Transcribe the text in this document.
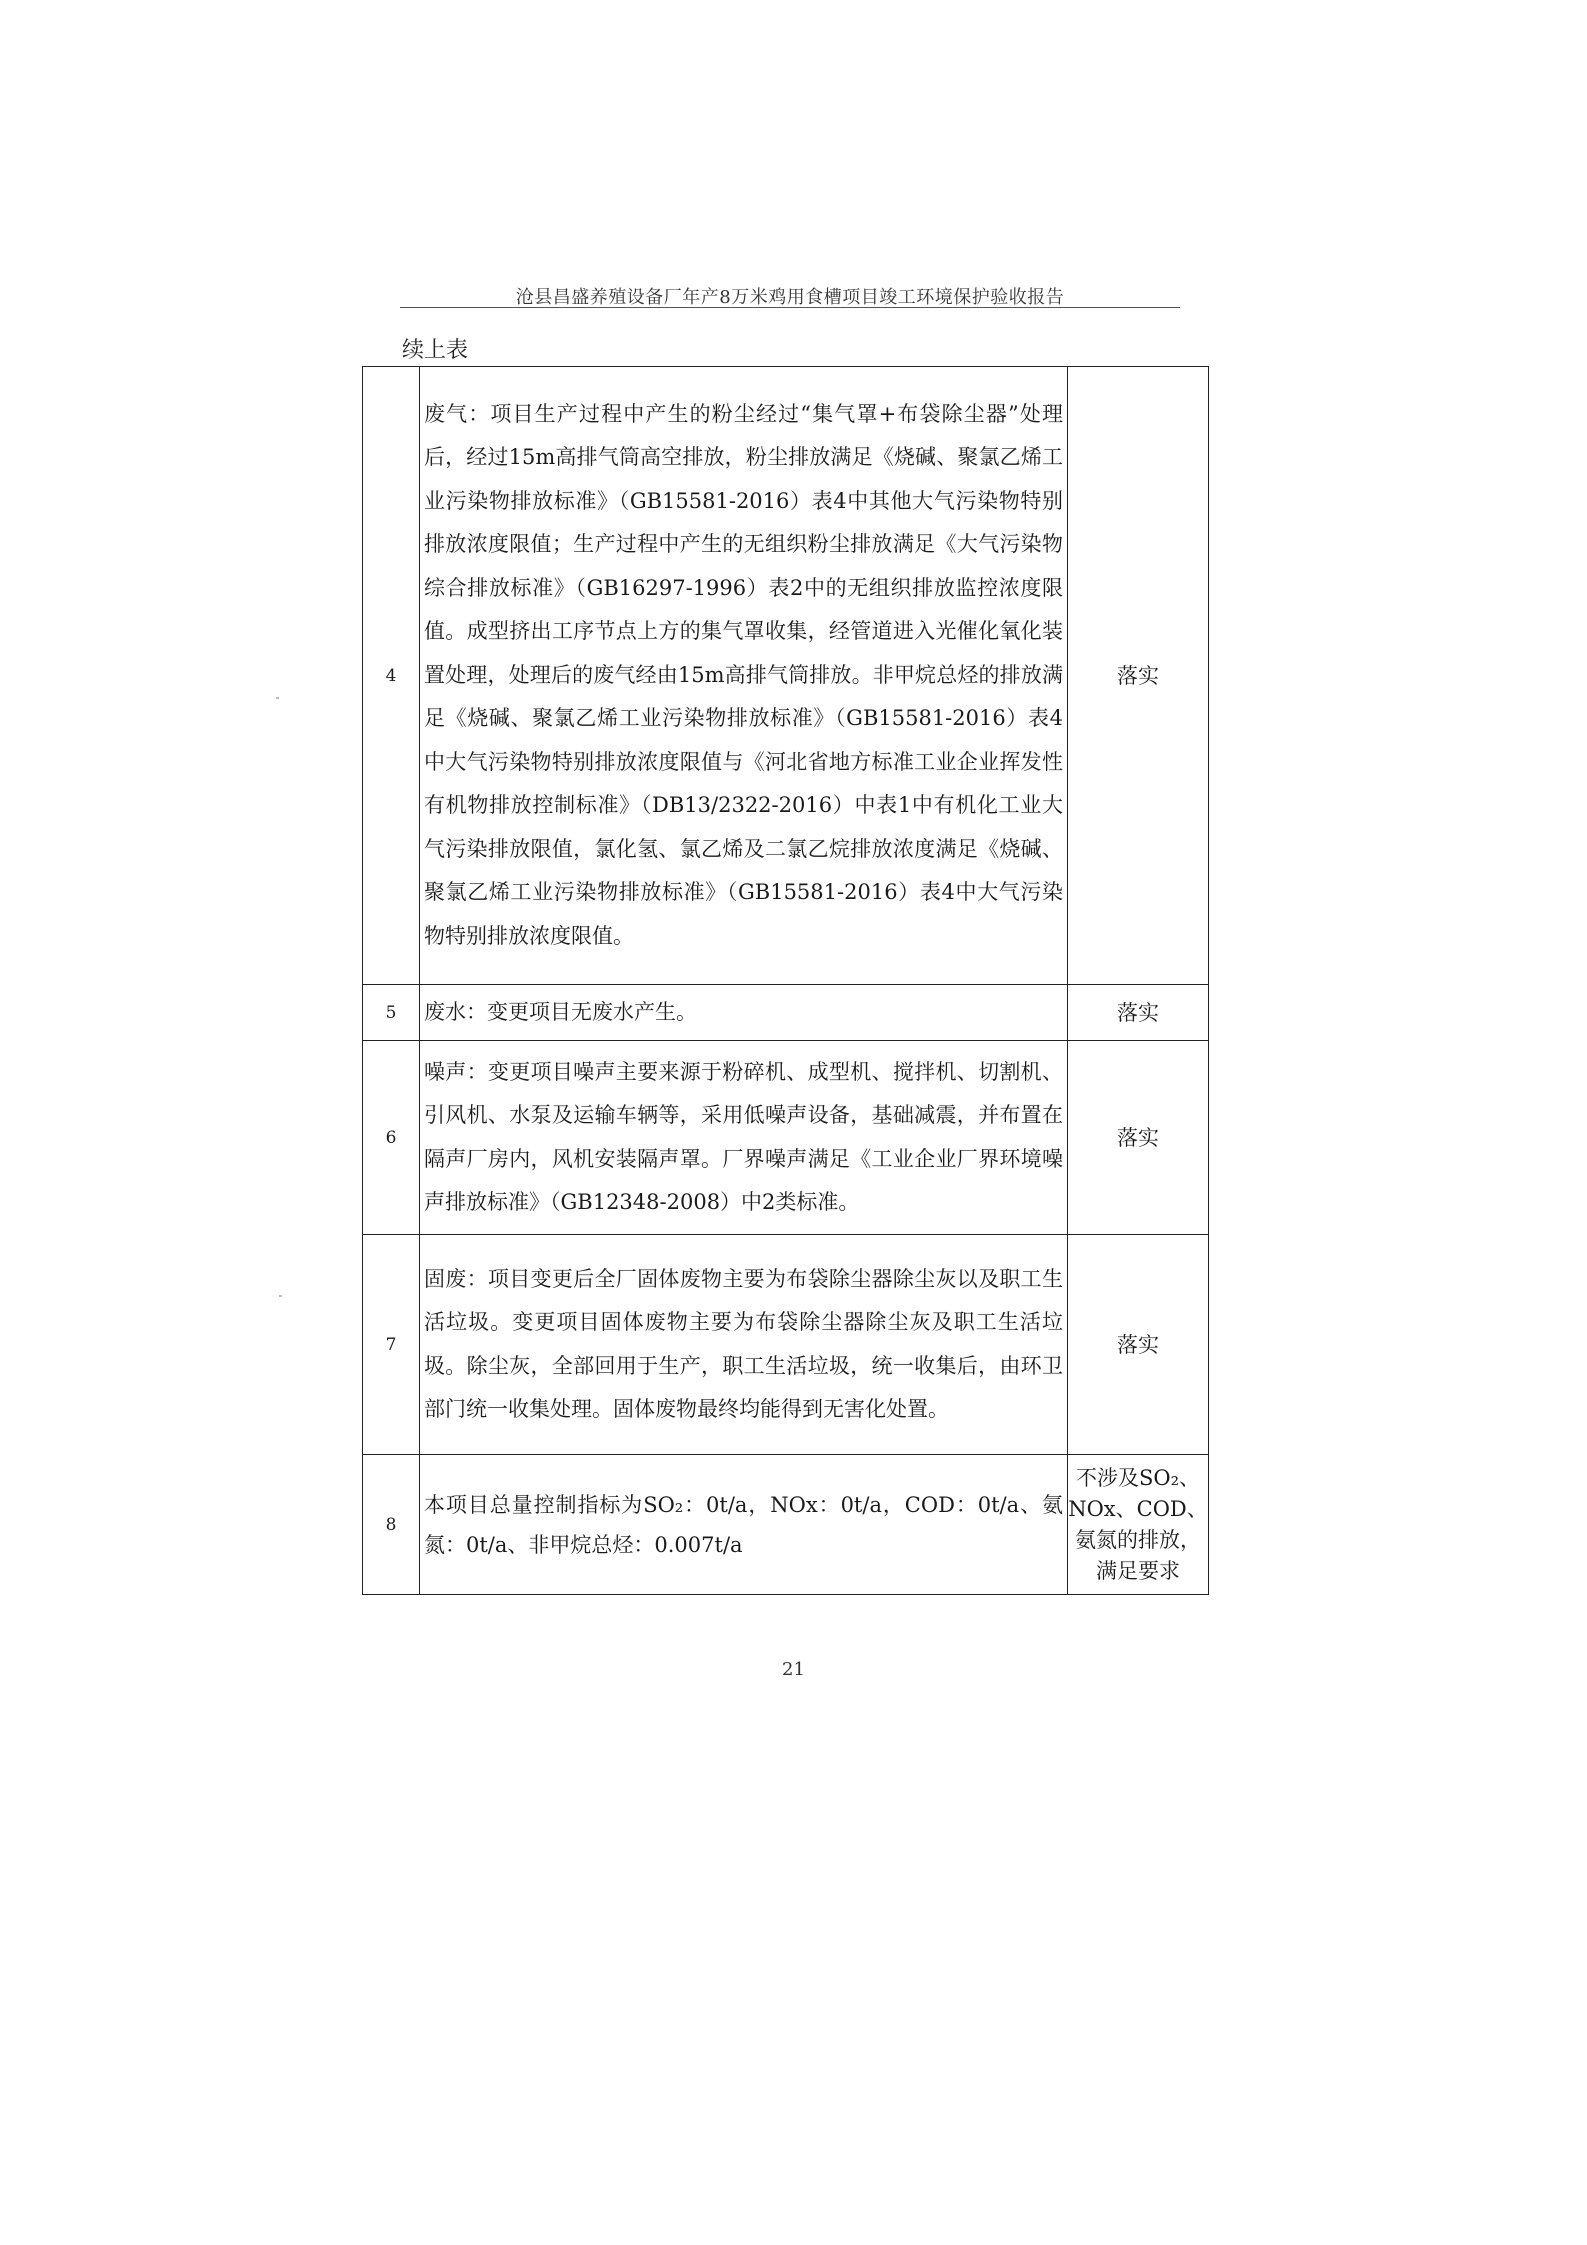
沧县昌盛养殖设备厂年产8万米鸡用食槽项目竣工环境保护验收报告
续上表
4	废气：项目生产过程中产生的粉尘经过“集气罩+布袋除尘器”处理后，经过15m高排气筒高空排放，粉尘排放满足《烧碱、聚氯乙烯工业污染物排放标准》（GB15581-2016）表4中其他大气污染物特别排放浓度限值；生产过程中产生的无组织粉尘排放满足《大气污染物综合排放标准》（GB16297-1996）表2中的无组织排放监控浓度限值。成型挤出工序节点上方的集气罩收集，经管道进入光催化氧化装置处理，处理后的废气经由15m高排气筒排放。非甲烷总烃的排放满足《烧碱、聚氯乙烯工业污染物排放标准》（GB15581-2016）表4中大气污染物特别排放浓度限值与《河北省地方标准工业企业挥发性有机物排放控制标准》（DB13/2322-2016）中表1中有机化工业大气污染排放限值，氯化氢、氯乙烯及二氯乙烷排放浓度满足《烧碱、聚氯乙烯工业污染物排放标准》（GB15581-2016）表4中大气污染物特别排放浓度限值。	落实
5	废水：变更项目无废水产生。	落实
6	噪声：变更项目噪声主要来源于粉碎机、成型机、搅拌机、切割机、引风机、水泵及运输车辆等，采用低噪声设备，基础减震，并布置在隔声厂房内，风机安装隔声罩。厂界噪声满足《工业企业厂界环境噪声排放标准》（GB12348-2008）中2类标准。	落实
7	固废：项目变更后全厂固体废物主要为布袋除尘器除尘灰以及职工生活垃圾。变更项目固体废物主要为布袋除尘器除尘灰及职工生活垃圾。除尘灰，全部回用于生产，职工生活垃圾，统一收集后，由环卫部门统一收集处理。固体废物最终均能得到无害化处置。	落实
8	本项目总量控制指标为SO₂：0t/a，NOx：0t/a，COD：0t/a、氨氮：0t/a、非甲烷总烃：0.007t/a	不涉及SO₂、NOx、COD、氨氮的排放，满足要求
21
